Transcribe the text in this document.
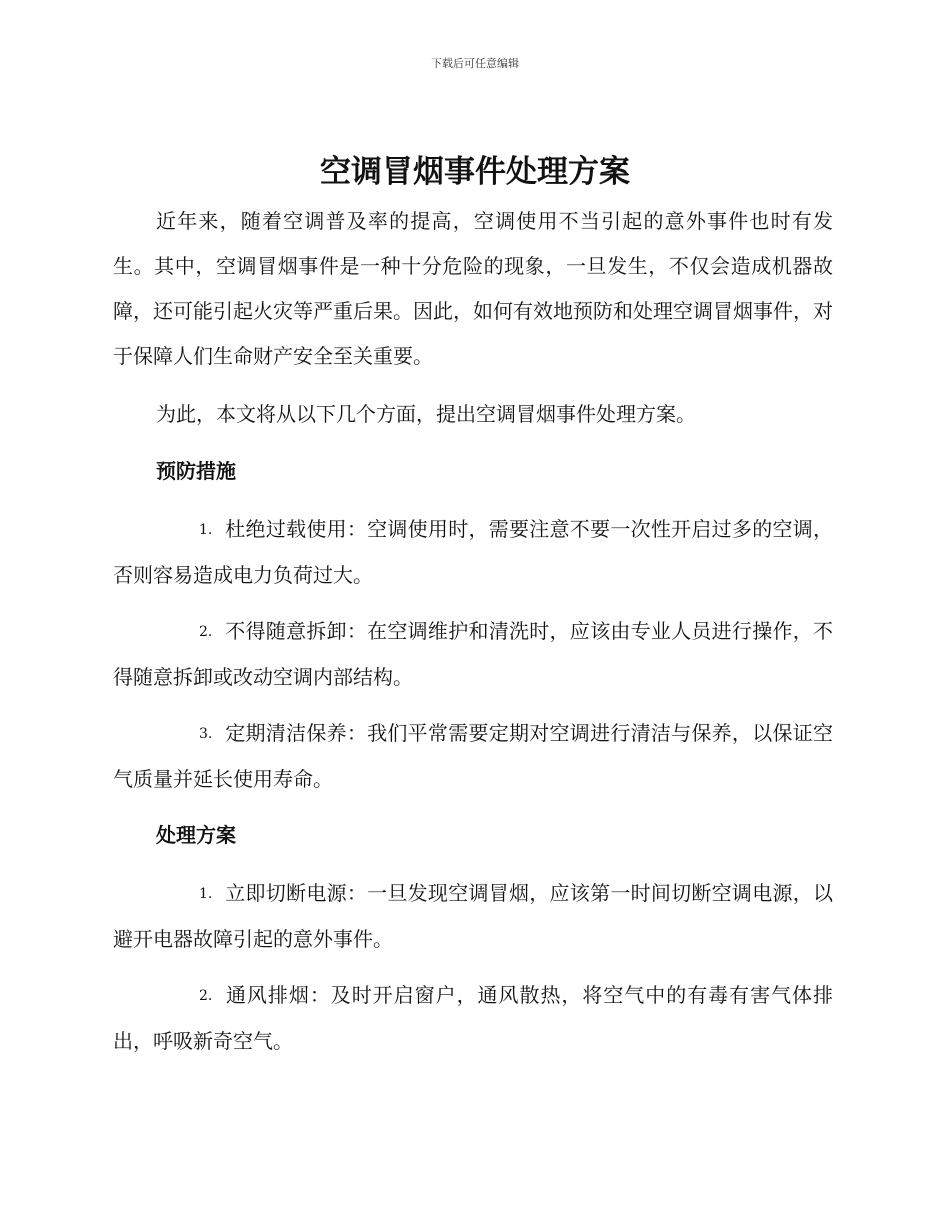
下载后可任意编辑
空调冒烟事件处理方案

近年来，随着空调普及率的提高，空调使用不当引起的意外事件也时有发生。其中，空调冒烟事件是一种十分危险的现象，一旦发生，不仅会造成机器故障，还可能引起火灾等严重后果。因此，如何有效地预防和处理空调冒烟事件，对于保障人们生命财产安全至关重要。

为此，本文将从以下几个方面，提出空调冒烟事件处理方案。

预防措施

1. 杜绝过载使用：空调使用时，需要注意不要一次性开启过多的空调，否则容易造成电力负荷过大。

2. 不得随意拆卸：在空调维护和清洗时，应该由专业人员进行操作，不得随意拆卸或改动空调内部结构。

3. 定期清洁保养：我们平常需要定期对空调进行清洁与保养，以保证空气质量并延长使用寿命。

处理方案

1. 立即切断电源：一旦发现空调冒烟，应该第一时间切断空调电源，以避开电器故障引起的意外事件。

2. 通风排烟：及时开启窗户，通风散热，将空气中的有毒有害气体排出，呼吸新奇空气。
